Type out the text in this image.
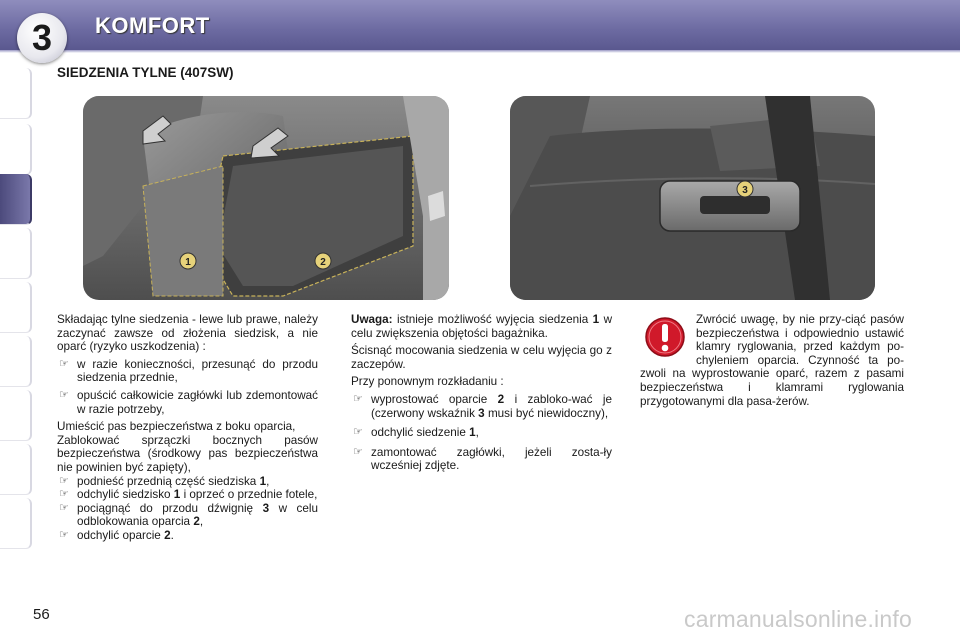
3	KOMFORT
SIEDZENIA TYLNE (407SW)
1	2
3

Składając tylne siedzenia - lewe lub prawe, należy zaczynać zawsze od złożenia siedzisk, a nie oparć (ryzyko uszkodzenia) :

☞ w razie konieczności, przesunąć do przodu siedzenia przednie,

☞ opuścić całkowicie zagłówki lub zdemontować w razie potrzeby,

Umieścić pas bezpieczeństwa z boku oparcia,

Zablokować sprzączki bocznych pasów bezpieczeństwa (środkowy pas bezpieczeństwa nie powinien być zapięty),

☞ podnieść przednią część siedziska 1,

☞ odchylić siedzisko 1 i oprzeć o przednie fotele,

☞ pociągnąć do przodu dźwignię 3 w celu odblokowania oparcia 2,

☞ odchylić oparcie 2.

Uwaga: istnieje możliwość wyjęcia siedzenia 1 w celu zwiększenia objętości bagażnika.

Ścisnąć mocowania siedzenia w celu wyjęcia go z zaczepów.

Przy ponownym rozkładaniu :

☞ wyprostować oparcie 2 i zabloko-wać je (czerwony wskaźnik 3 musi być niewidoczny),

☞ odchylić siedzenie 1,

☞ zamontować zagłówki, jeżeli zosta-ły wcześniej zdjęte.

Zwrócić uwagę, by nie przy-ciąć pasów bezpieczeństwa i odpowiednio ustawić klamry ryglowania, przed każdym po-chyleniem oparcia. Czynność ta po-zwoli na wyprostowanie oparć, razem z pasami bezpieczeństwa i klamrami ryglowania przygotowanymi dla pasa-żerów.

56	carmanualsonline.info
